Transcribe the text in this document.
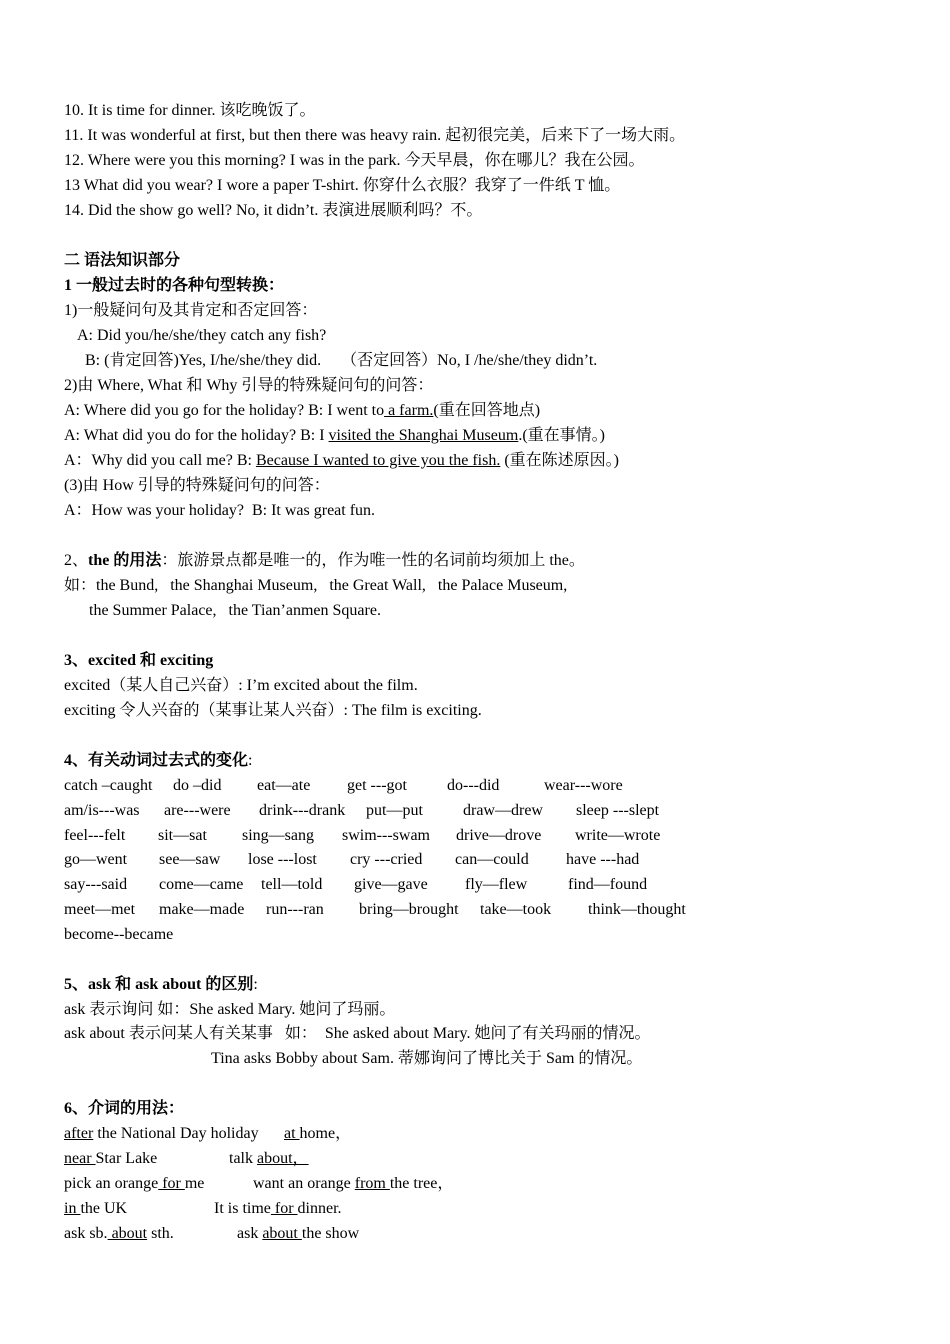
10. It is time for dinner. 该吃晚饭了。
11. It was wonderful at first, but then there was heavy rain. 起初很完美，后来下了一场大雨。
12. Where were you this morning? I was in the park. 今天早晨，你在哪儿？我在公园。
13 What did you wear? I wore a paper T-shirt. 你穿什么衣服？我穿了一件纸 T 恤。
14. Did the show go well? No, it didn’t. 表演进展顺利吗？不。
二 语法知识部分
1 一般过去时的各种句型转换：
1)一般疑问句及其肯定和否定回答：
A: Did you/he/she/they catch any fish?
B: (肯定回答)Yes, I/he/she/they did.     （否定回答）No, I /he/she/they didn’t.
2)由 Where, What 和 Why 引导的特殊疑问句的问答：
A: Where did you go for the holiday? B: I went to a farm.(重在回答地点)
A: What did you do for the holiday? B: I visited the Shanghai Museum.(重在事情。)
A：Why did you call me? B: Because I wanted to give you the fish. (重在陈述原因。)
(3)由 How 引导的特殊疑问句的问答：
A：How was your holiday?  B: It was great fun.
2、the 的用法：旅游景点都是唯一的，作为唯一性的名词前均须加上 the。
如：the Bund,   the Shanghai Museum,   the Great Wall,   the Palace Museum,
the Summer Palace,   the Tian’anmen Square.
3、excited 和 exciting
excited（某人自己兴奋）: I’m excited about the film.
exciting 令人兴奋的（某事让某人兴奋）: The film is exciting.
4、有关动词过去式的变化:
catch –caught do –did eat—ate get ---got	do---did	wear---wore
am/is---was are---were drink---drank put—put	draw—drew sleep ---slept
feel---felt sit—sat sing—sang swim---swam drive—drove write—wrote
go—went see—saw lose ---lost cry ---cried can—could have ---had
say---said come—came tell—told give—gave fly—flew	find—found
meet—met make—made run---ran bring—brought take—took think—thought
become--became
5、ask 和 ask about 的区别:
ask 表示询问 如：She asked Mary. 她问了玛丽。
ask about 表示问某人有关某事   如：  She asked about Mary. 她问了有关玛丽的情况。
Tina asks Bobby about Sam. 蒂娜询问了博比关于 Sam 的情况。
6、介词的用法：
after the National Day holiday at home，
near Star Lake	talk about，
pick an orange for me	want an orange from the tree，
in the UK	It is time for dinner.
ask sb. about sth.	ask about the show
